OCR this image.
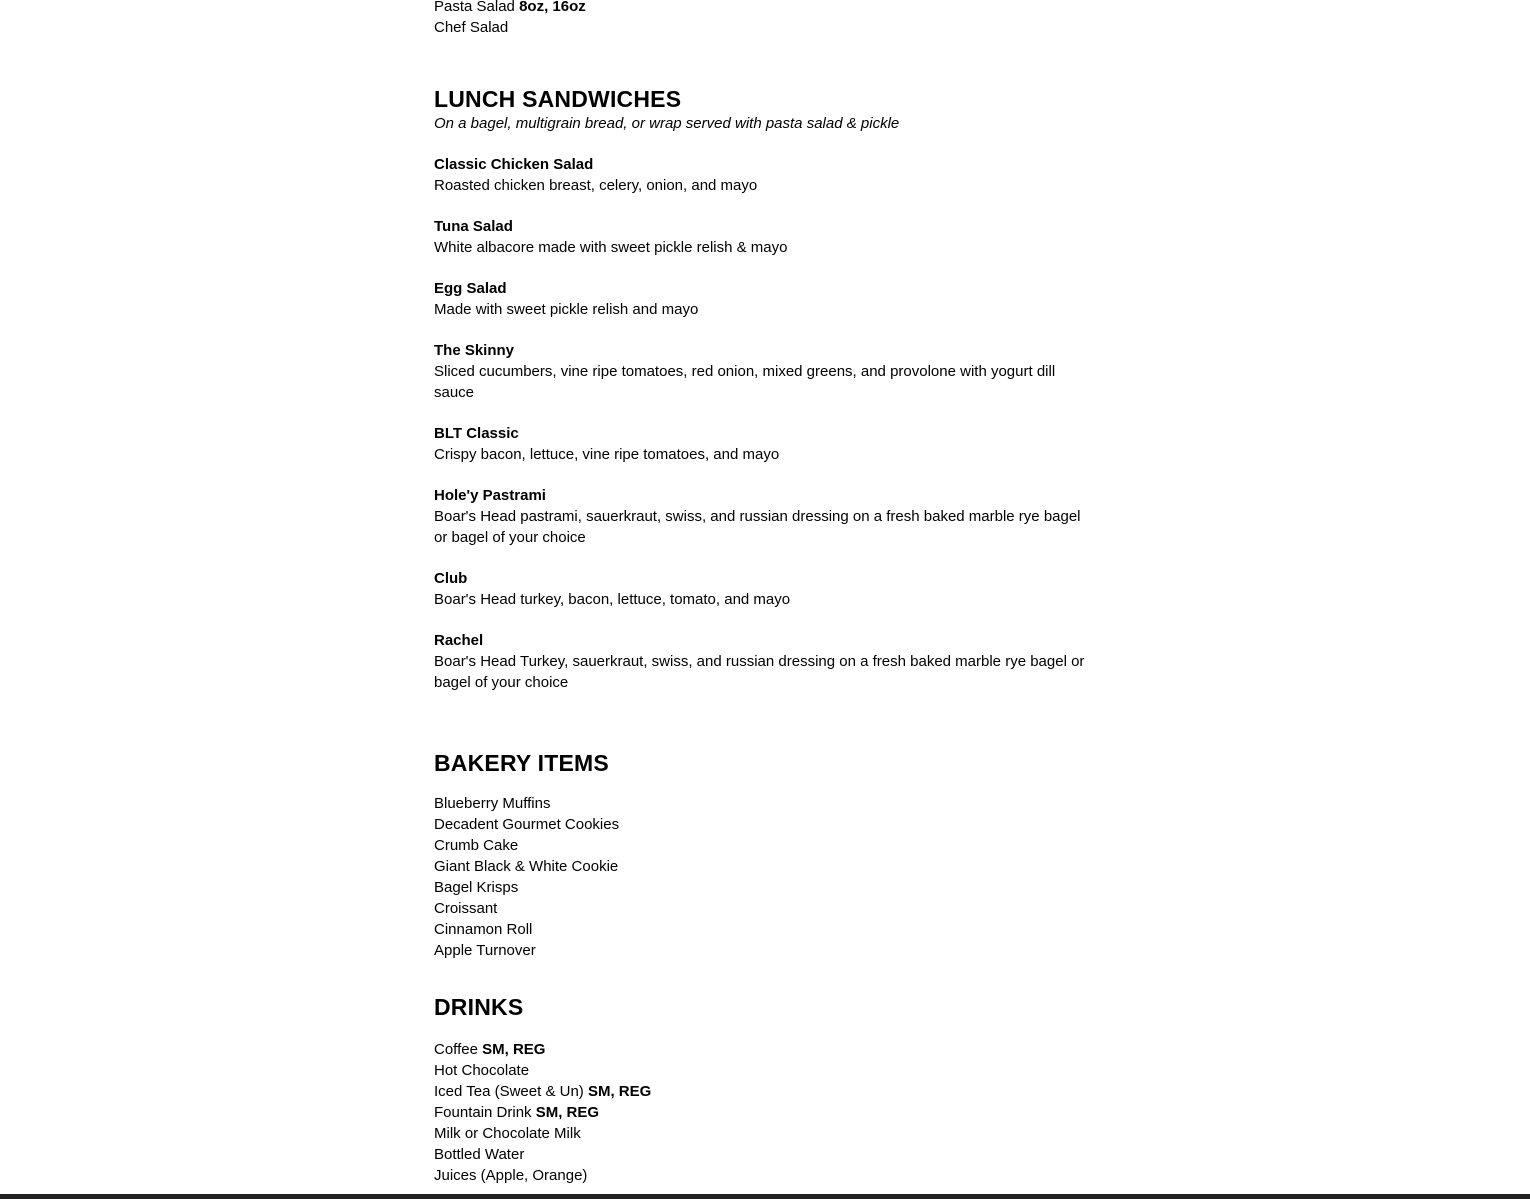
Pasta Salad 8oz, 16oz
Chef Salad
LUNCH SANDWICHES

On a bagel, multigrain bread, or wrap served with pasta salad & pickle

Classic Chicken Salad
Roasted chicken breast, celery, onion, and mayo
Tuna Salad
White albacore made with sweet pickle relish & mayo
Egg Salad
Made with sweet pickle relish and mayo
The Skinny
Sliced cucumbers, vine ripe tomatoes, red onion, mixed greens, and provolone with yogurt dill sauce
BLT Classic
Crispy bacon, lettuce, vine ripe tomatoes, and mayo
Hole'y Pastrami
Boar's Head pastrami, sauerkraut, swiss, and russian dressing on a fresh baked marble rye bagel or bagel of your choice
Club
Boar's Head turkey, bacon, lettuce, tomato, and mayo
Rachel
Boar's Head Turkey, sauerkraut, swiss, and russian dressing on a fresh baked marble rye bagel or bagel of your choice
BAKERY ITEMS
Blueberry Muffins
Decadent Gourmet Cookies
Crumb Cake
Giant Black & White Cookie
Bagel Krisps
Croissant
Cinnamon Roll
Apple Turnover
DRINKS
Coffee SM, REG
Hot Chocolate
Iced Tea (Sweet & Un) SM, REG
Fountain Drink SM, REG
Milk or Chocolate Milk
Bottled Water
Juices (Apple, Orange)
